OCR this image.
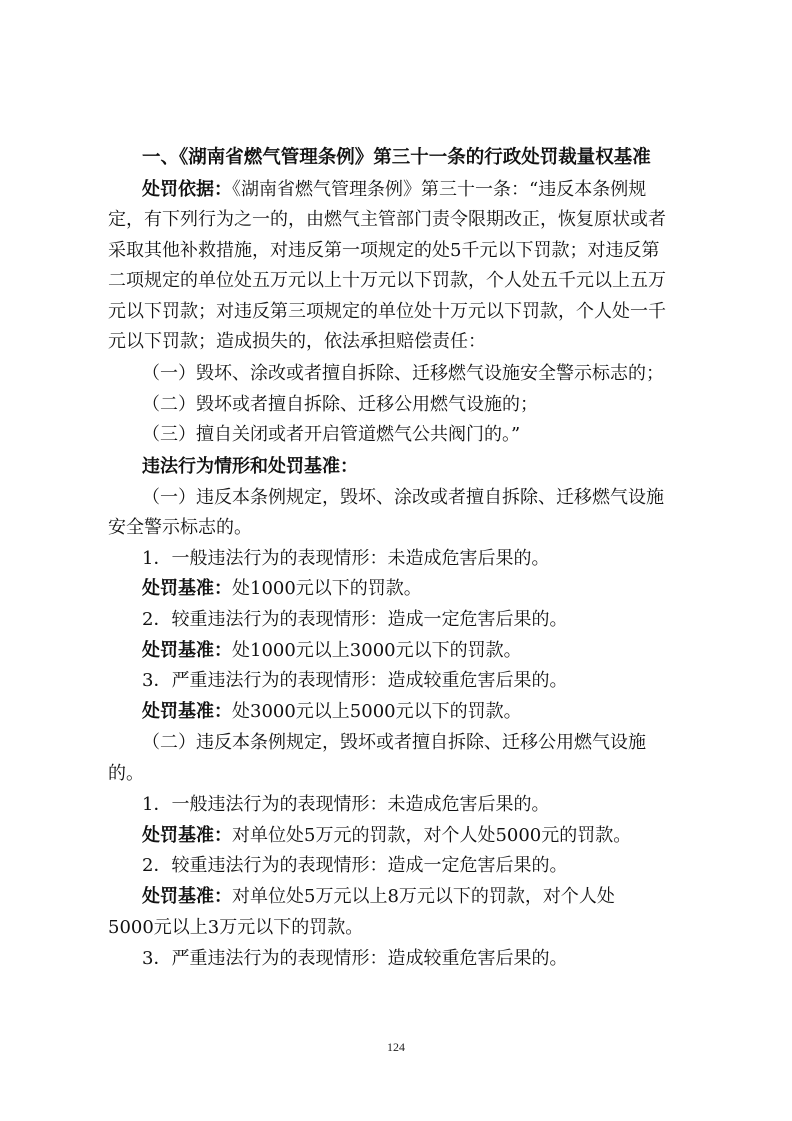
一、《湖南省燃气管理条例》第三十一条的行政处罚裁量权基准
处罚依据：《湖南省燃气管理条例》第三十一条：“违反本条例规
定，有下列行为之一的，由燃气主管部门责令限期改正，恢复原状或者
采取其他补救措施，对违反第一项规定的处5千元以下罚款；对违反第
二项规定的单位处五万元以上十万元以下罚款，个人处五千元以上五万
元以下罚款；对违反第三项规定的单位处十万元以下罚款，个人处一千
元以下罚款；造成损失的，依法承担赔偿责任：
（一）毁坏、涂改或者擅自拆除、迁移燃气设施安全警示标志的；
（二）毁坏或者擅自拆除、迁移公用燃气设施的；
（三）擅自关闭或者开启管道燃气公共阀门的。”
违法行为情形和处罚基准：
（一）违反本条例规定，毁坏、涂改或者擅自拆除、迁移燃气设施
安全警示标志的。
1．一般违法行为的表现情形：未造成危害后果的。
处罚基准：处1000元以下的罚款。
2．较重违法行为的表现情形：造成一定危害后果的。
处罚基准：处1000元以上3000元以下的罚款。
3．严重违法行为的表现情形：造成较重危害后果的。
处罚基准：处3000元以上5000元以下的罚款。
（二）违反本条例规定，毁坏或者擅自拆除、迁移公用燃气设施
的。
1．一般违法行为的表现情形：未造成危害后果的。
处罚基准：对单位处5万元的罚款，对个人处5000元的罚款。
2．较重违法行为的表现情形：造成一定危害后果的。
处罚基准：对单位处5万元以上8万元以下的罚款，对个人处
5000元以上3万元以下的罚款。
3．严重违法行为的表现情形：造成较重危害后果的。
124
